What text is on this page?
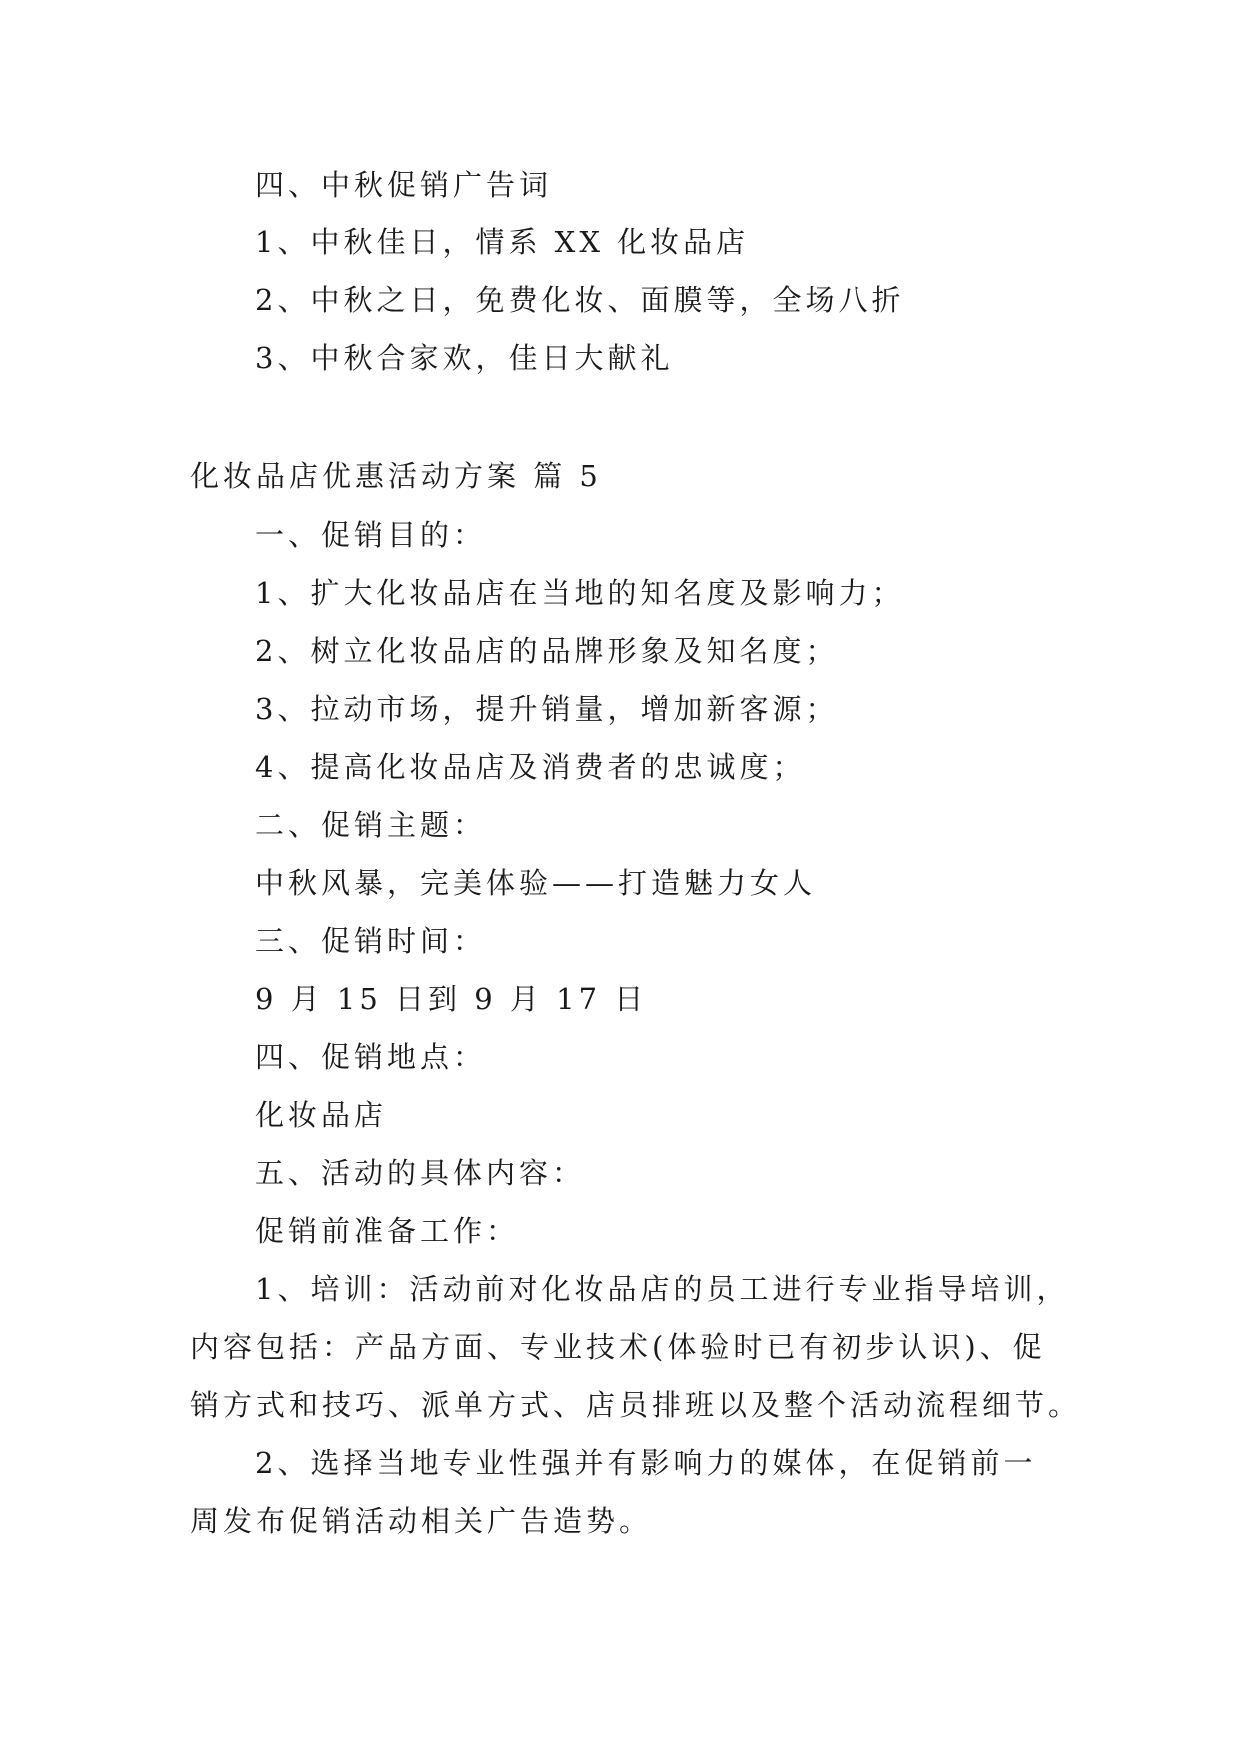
四、中秋促销广告词
1、中秋佳日，情系 XX 化妆品店
2、中秋之日，免费化妆、面膜等，全场八折
3、中秋合家欢，佳日大献礼
化妆品店优惠活动方案 篇 5
一、促销目的：
1、扩大化妆品店在当地的知名度及影响力；
2、树立化妆品店的品牌形象及知名度；
3、拉动市场，提升销量，增加新客源；
4、提高化妆品店及消费者的忠诚度；
二、促销主题：
中秋风暴，完美体验——打造魅力女人
三、促销时间：
9 月 15 日到 9 月 17 日
四、促销地点：
化妆品店
五、活动的具体内容：
促销前准备工作：
1、培训：活动前对化妆品店的员工进行专业指导培训，
内容包括：产品方面、专业技术(体验时已有初步认识)、促
销方式和技巧、派单方式、店员排班以及整个活动流程细节。
2、选择当地专业性强并有影响力的媒体，在促销前一
周发布促销活动相关广告造势。
